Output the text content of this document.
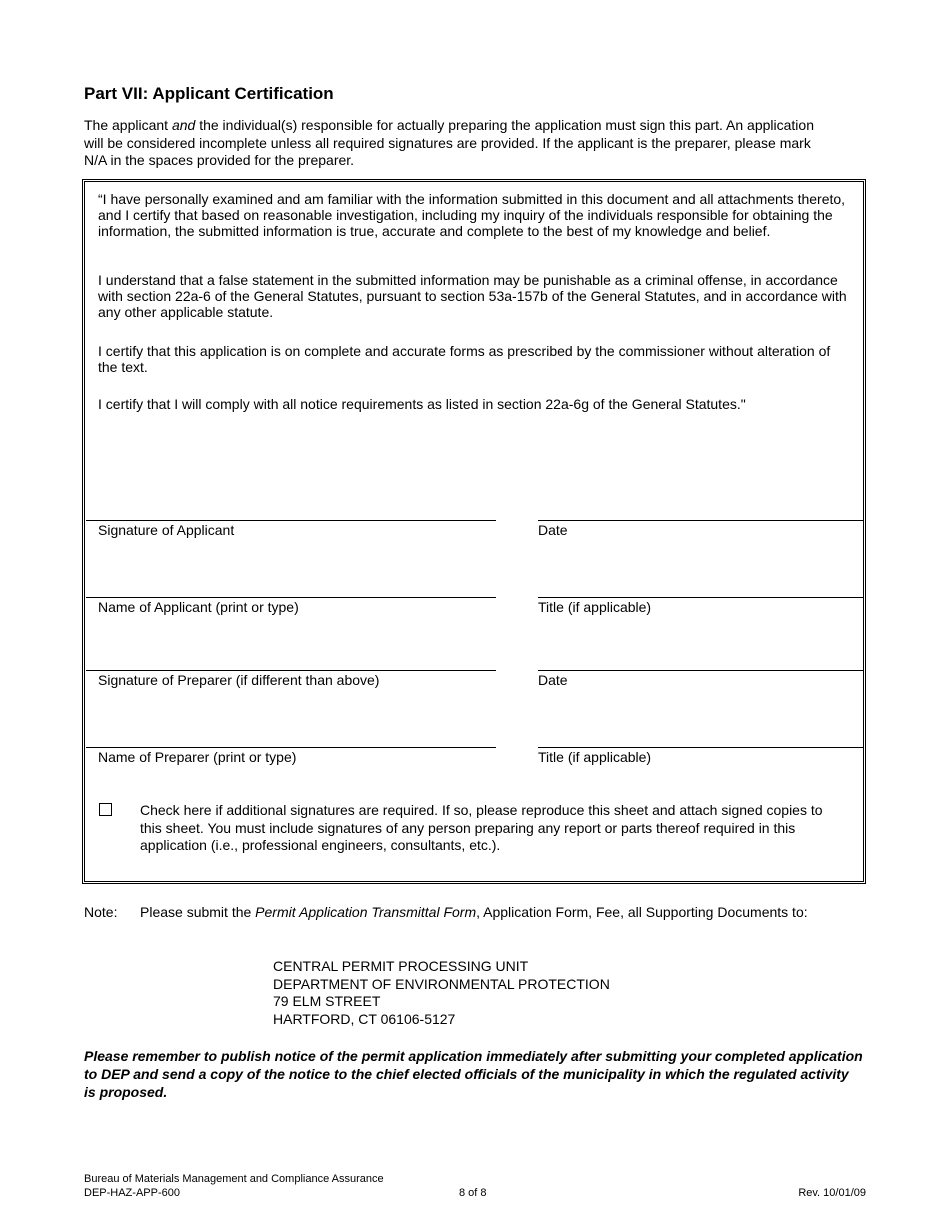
Part VII: Applicant Certification
The applicant and the individual(s) responsible for actually preparing the application must sign this part. An application will be considered incomplete unless all required signatures are provided. If the applicant is the preparer, please mark N/A in the spaces provided for the preparer.
“I have personally examined and am familiar with the information submitted in this document and all attachments thereto, and I certify that based on reasonable investigation, including my inquiry of the individuals responsible for obtaining the information, the submitted information is true, accurate and complete to the best of my knowledge and belief.
I understand that a false statement in the submitted information may be punishable as a criminal offense, in accordance with section 22a-6 of the General Statutes, pursuant to section 53a-157b of the General Statutes, and in accordance with any other applicable statute.
I certify that this application is on complete and accurate forms as prescribed by the commissioner without alteration of the text.
I certify that I will comply with all notice requirements as listed in section 22a-6g of the General Statutes."
Signature of Applicant	Date
Name of Applicant (print or type)	Title (if applicable)
Signature of Preparer (if different than above)	Date
Name of Preparer (print or type)	Title (if applicable)
Check here if additional signatures are required. If so, please reproduce this sheet and attach signed copies to this sheet. You must include signatures of any person preparing any report or parts thereof required in this application (i.e., professional engineers, consultants, etc.).
Note: Please submit the Permit Application Transmittal Form, Application Form, Fee, all Supporting Documents to:
CENTRAL PERMIT PROCESSING UNIT
DEPARTMENT OF ENVIRONMENTAL PROTECTION
79 ELM STREET
HARTFORD, CT 06106-5127
Please remember to publish notice of the permit application immediately after submitting your completed application to DEP and send a copy of the notice to the chief elected officials of the municipality in which the regulated activity is proposed.
Bureau of Materials Management and Compliance Assurance
DEP-HAZ-APP-600	8 of 8	Rev. 10/01/09
